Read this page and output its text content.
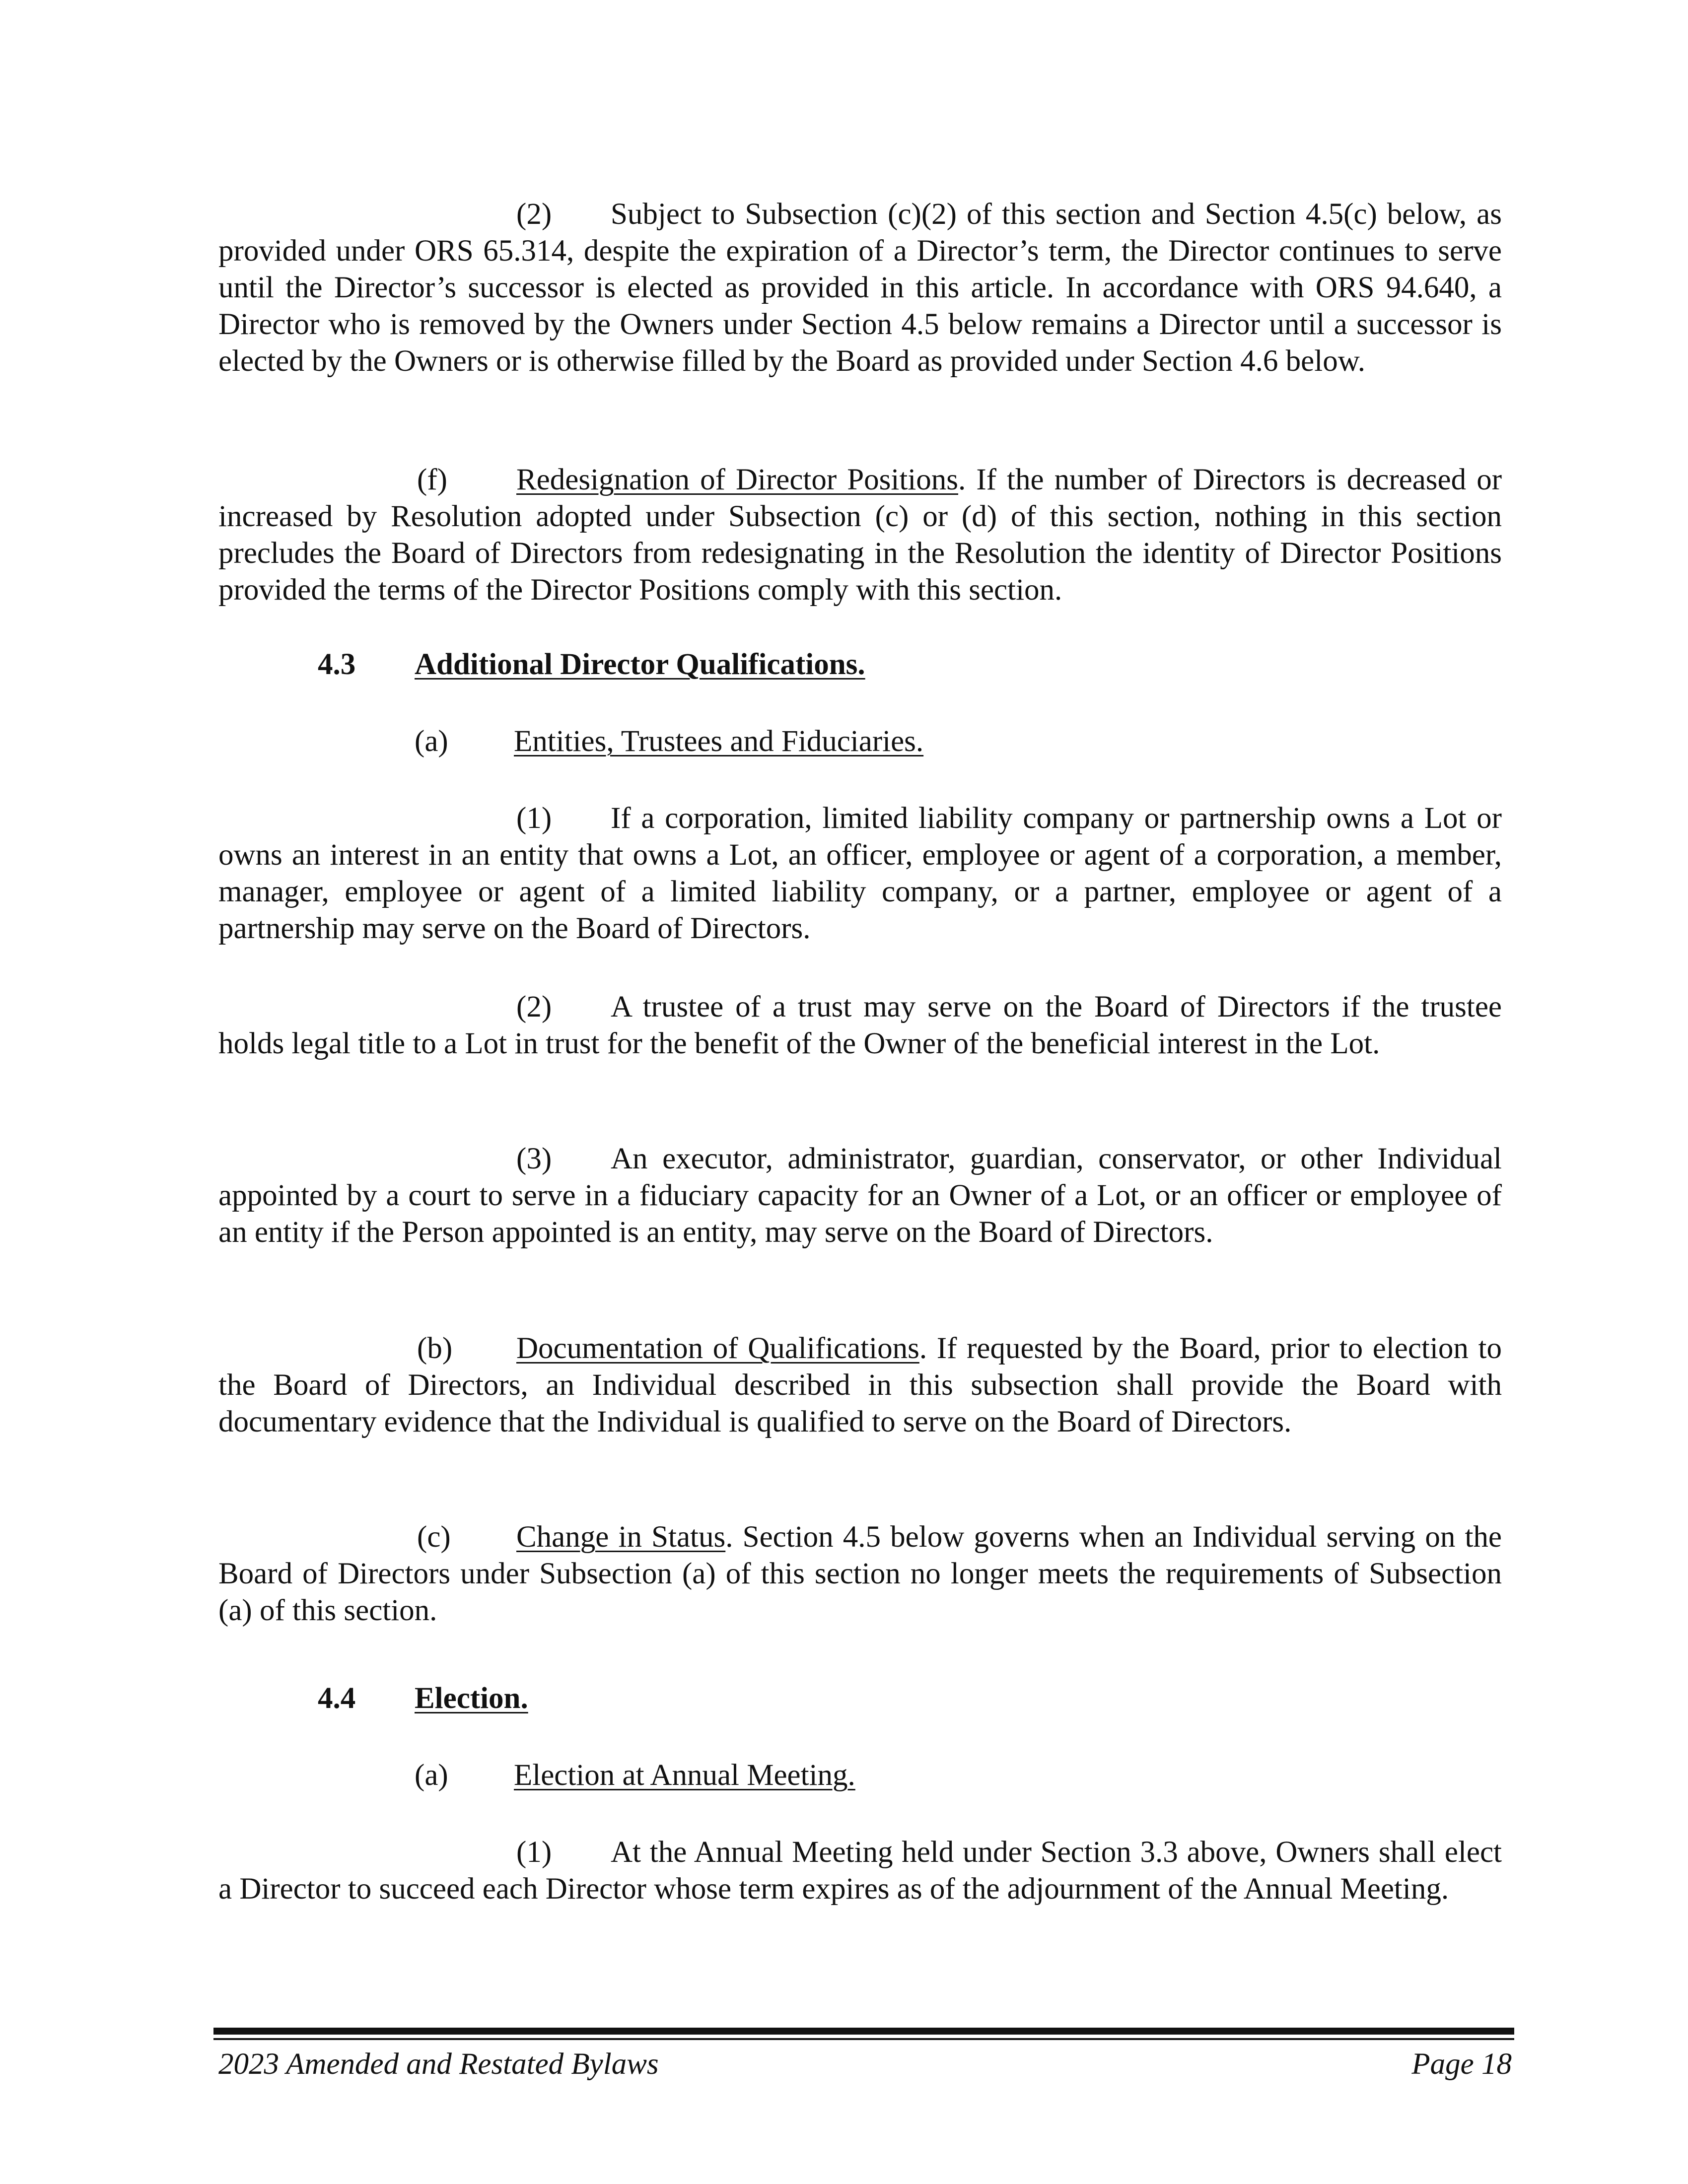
(2) Subject to Subsection (c)(2) of this section and Section 4.5(c) below, as provided under ORS 65.314, despite the expiration of a Director’s term, the Director continues to serve until the Director’s successor is elected as provided in this article. In accordance with ORS 94.640, a Director who is removed by the Owners under Section 4.5 below remains a Director until a successor is elected by the Owners or is otherwise filled by the Board as provided under Section 4.6 below.

(f) Redesignation of Director Positions. If the number of Directors is decreased or increased by Resolution adopted under Subsection (c) or (d) of this section, nothing in this section precludes the Board of Directors from redesignating in the Resolution the identity of Director Positions provided the terms of the Director Positions comply with this section.

4.3 Additional Director Qualifications.
(a) Entities, Trustees and Fiduciaries.

(1) If a corporation, limited liability company or partnership owns a Lot or owns an interest in an entity that owns a Lot, an officer, employee or agent of a corporation, a member, manager, employee or agent of a limited liability company, or a partner, employee or agent of a partnership may serve on the Board of Directors.

(2) A trustee of a trust may serve on the Board of Directors if the trustee holds legal title to a Lot in trust for the benefit of the Owner of the beneficial interest in the Lot.

(3) An executor, administrator, guardian, conservator, or other Individual appointed by a court to serve in a fiduciary capacity for an Owner of a Lot, or an officer or employee of an entity if the Person appointed is an entity, may serve on the Board of Directors.

(b) Documentation of Qualifications. If requested by the Board, prior to election to the Board of Directors, an Individual described in this subsection shall provide the Board with documentary evidence that the Individual is qualified to serve on the Board of Directors.

(c) Change in Status. Section 4.5 below governs when an Individual serving on the Board of Directors under Subsection (a) of this section no longer meets the requirements of Subsection (a) of this section.

4.4 Election.
(a) Election at Annual Meeting.

(1) At the Annual Meeting held under Section 3.3 above, Owners shall elect a Director to succeed each Director whose term expires as of the adjournment of the Annual Meeting.

2023 Amended and Restated Bylaws	Page 18
